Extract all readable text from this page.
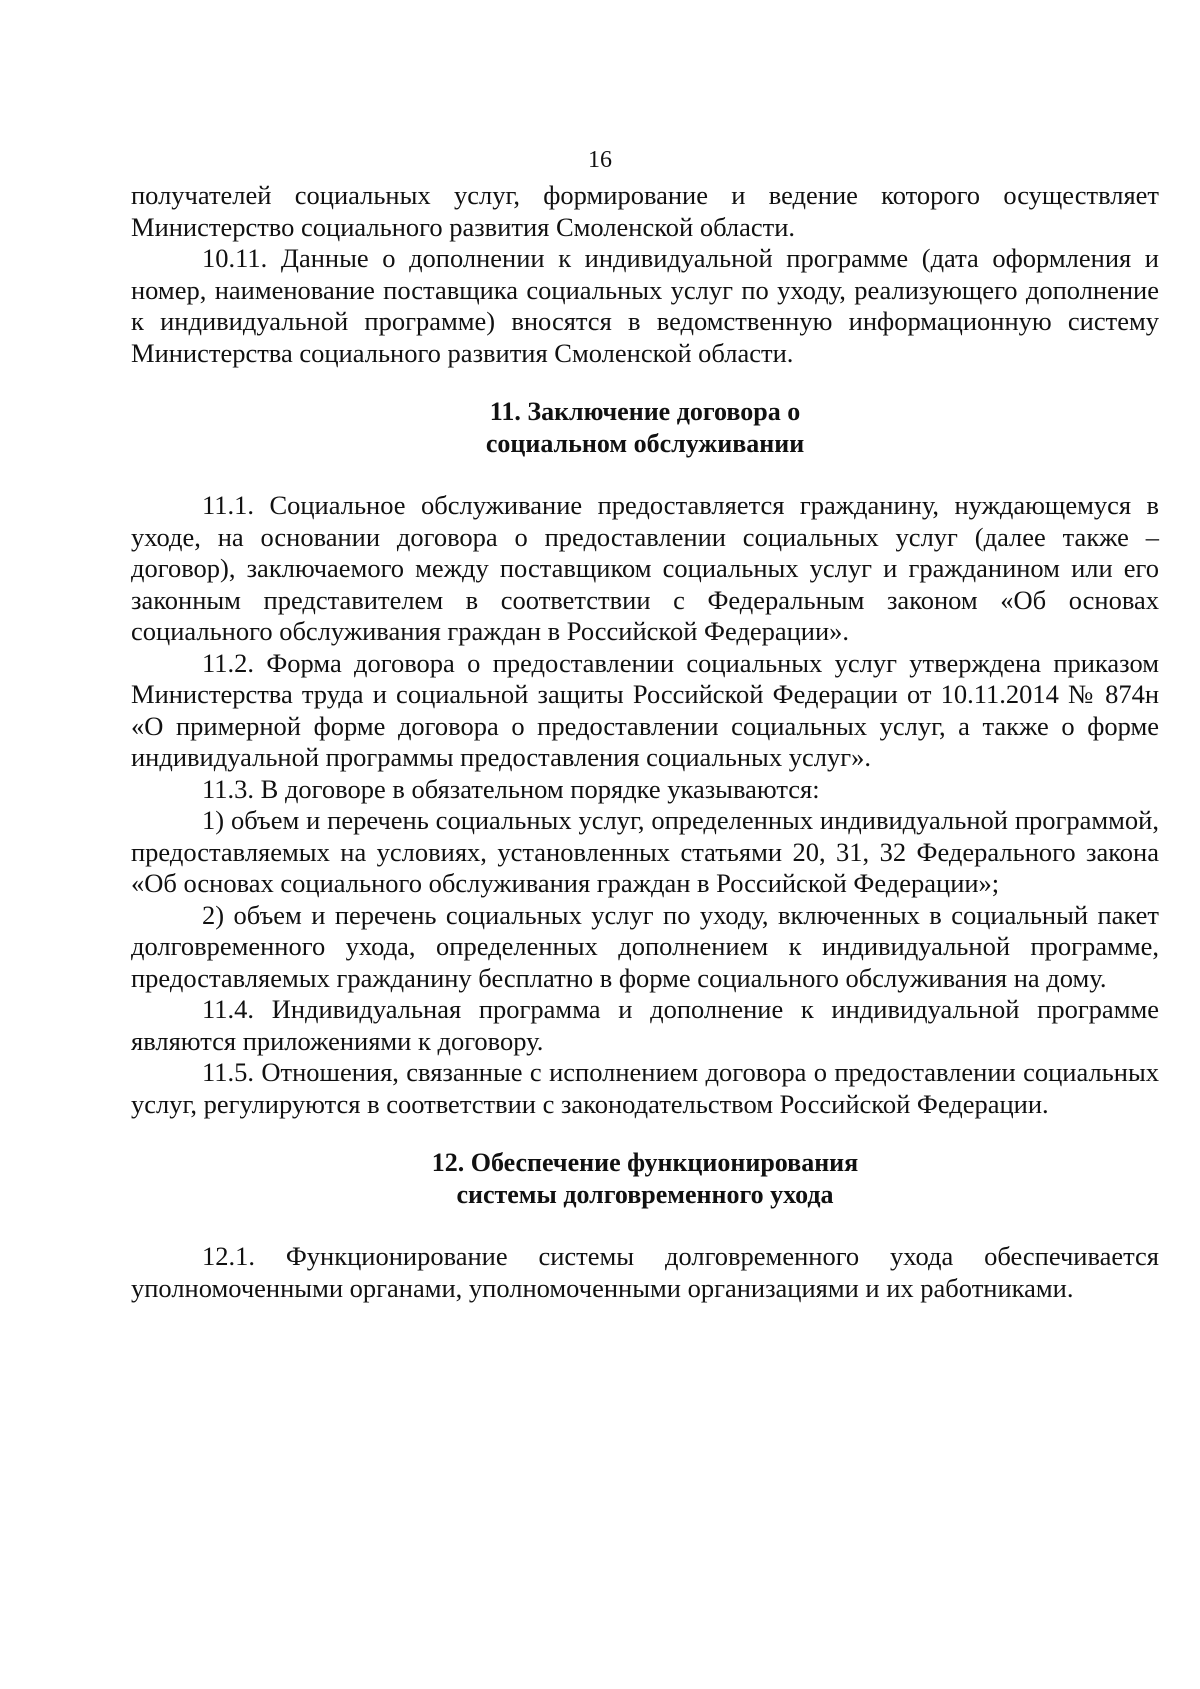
16

получателей социальных услуг, формирование и ведение которого осуществляет Министерство социального развития Смоленской области.

10.11. Данные о дополнении к индивидуальной программе (дата оформления и номер, наименование поставщика социальных услуг по уходу, реализующего дополнение к индивидуальной программе) вносятся в ведомственную информационную систему Министерства социального развития Смоленской области.

11. Заключение договора о

социальном обслуживании

11.1. Социальное обслуживание предоставляется гражданину, нуждающемуся в уходе, на основании договора о предоставлении социальных услуг (далее также – договор), заключаемого между поставщиком социальных услуг и гражданином или его законным представителем в соответствии с Федеральным законом «Об основах социального обслуживания граждан в Российской Федерации».

11.2. Форма договора о предоставлении социальных услуг утверждена приказом Министерства труда и социальной защиты Российской Федерации от 10.11.2014 № 874н «О примерной форме договора о предоставлении социальных услуг, а также о форме индивидуальной программы предоставления социальных услуг».

11.3. В договоре в обязательном порядке указываются:

1) объем и перечень социальных услуг, определенных индивидуальной программой, предоставляемых на условиях, установленных статьями 20, 31, 32 Федерального закона «Об основах социального обслуживания граждан в Российской Федерации»;

2) объем и перечень социальных услуг по уходу, включенных в социальный пакет долговременного ухода, определенных дополнением к индивидуальной программе, предоставляемых гражданину бесплатно в форме социального обслуживания на дому.

11.4. Индивидуальная программа и дополнение к индивидуальной программе являются приложениями к договору.

11.5. Отношения, связанные с исполнением договора о предоставлении социальных услуг, регулируются в соответствии с законодательством Российской Федерации.

12. Обеспечение функционирования

системы долговременного ухода

12.1. Функционирование системы долговременного ухода обеспечивается уполномоченными органами, уполномоченными организациями и их работниками.
